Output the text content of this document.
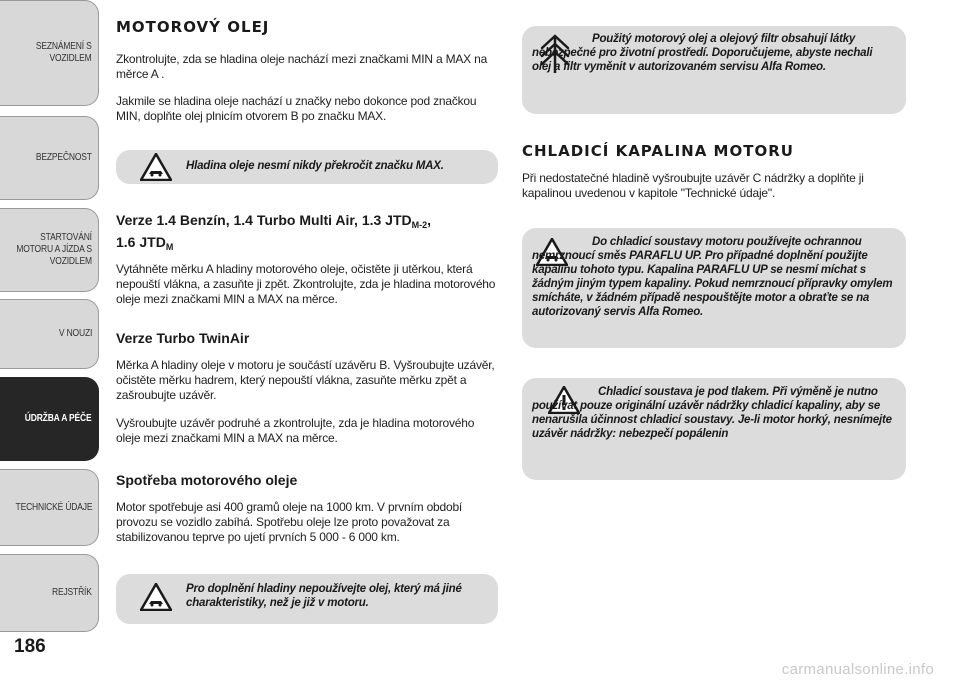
SEZNÁMENÍ S
VOZIDLEM
BEZPEČNOST
STARTOVÁNÍ
MOTORU A JÍZDA S
VOZIDLEM
V NOUZI
ÚDRŽBA A PÉČE
TECHNICKÉ ÚDAJE
REJSTŘÍK
186
MOTOROVÝ OLEJ

Zkontrolujte, zda se hladina oleje nachází mezi značkami MIN a MAX na měrce A .

Jakmile se hladina oleje nachází u značky nebo dokonce pod značkou MIN, doplňte olej plnicím otvorem B po značku MAX.

Hladina oleje nesmí nikdy překročit značku MAX.
Verze 1.4 Benzín, 1.4 Turbo Multi Air, 1.3 $JTD_{M-2}$,
1.6 $JTD_M$

Vytáhněte měrku A hladiny motorového oleje, očistěte ji utěrkou, která nepouští vlákna, a zasuňte ji zpět. Zkontrolujte, zda je hladina motorového oleje mezi značkami MIN a MAX na měrce.

Verze Turbo TwinAir

Měrka A hladiny oleje v motoru je součástí uzávěru B. Vyšroubujte uzávěr, očistěte měrku hadrem, který nepouští vlákna, zasuňte měrku zpět a zašroubujte uzávěr.

Vyšroubujte uzávěr podruhé a zkontrolujte, zda je hladina motorového oleje mezi značkami MIN a MAX na měrce.

Spotřeba motorového oleje

Motor spotřebuje asi 400 gramů oleje na 1000 km. V prvním období provozu se vozidlo zabíhá. Spotřebu oleje lze proto považovat za stabilizovanou teprve po ujetí prvních 5 000 - 6 000 km.

Pro doplnění hladiny nepoužívejte olej, který má jiné charakteristiky, než je již v motoru.
Použitý motorový olej a olejový filtr obsahují látky nebezpečné pro životní prostředí. Doporučujeme, abyste nechali olej a filtr vyměnit v autorizovaném servisu Alfa Romeo.
CHLADICÍ KAPALINA MOTORU

Při nedostatečné hladině vyšroubujte uzávěr C nádržky a doplňte ji kapalinou uvedenou v kapitole "Technické údaje".

Do chladicí soustavy motoru používejte ochrannou nemrznoucí směs PARAFLU UP. Pro případné doplnění použijte kapalinu tohoto typu. Kapalina PARAFLU UP se nesmí míchat s žádným jiným typem kapaliny. Pokud nemrznoucí přípravky omylem smícháte, v žádném případě nespouštějte motor a obraťte se na autorizovaný servis Alfa Romeo.
Chladicí soustava je pod tlakem. Při výměně je nutno používat pouze originální uzávěr nádržky chladicí kapaliny, aby se nenarušila účinnost chladicí soustavy. Je-li motor horký, nesnímejte uzávěr nádržky: nebezpečí popálenin
carmanualsonline.info
